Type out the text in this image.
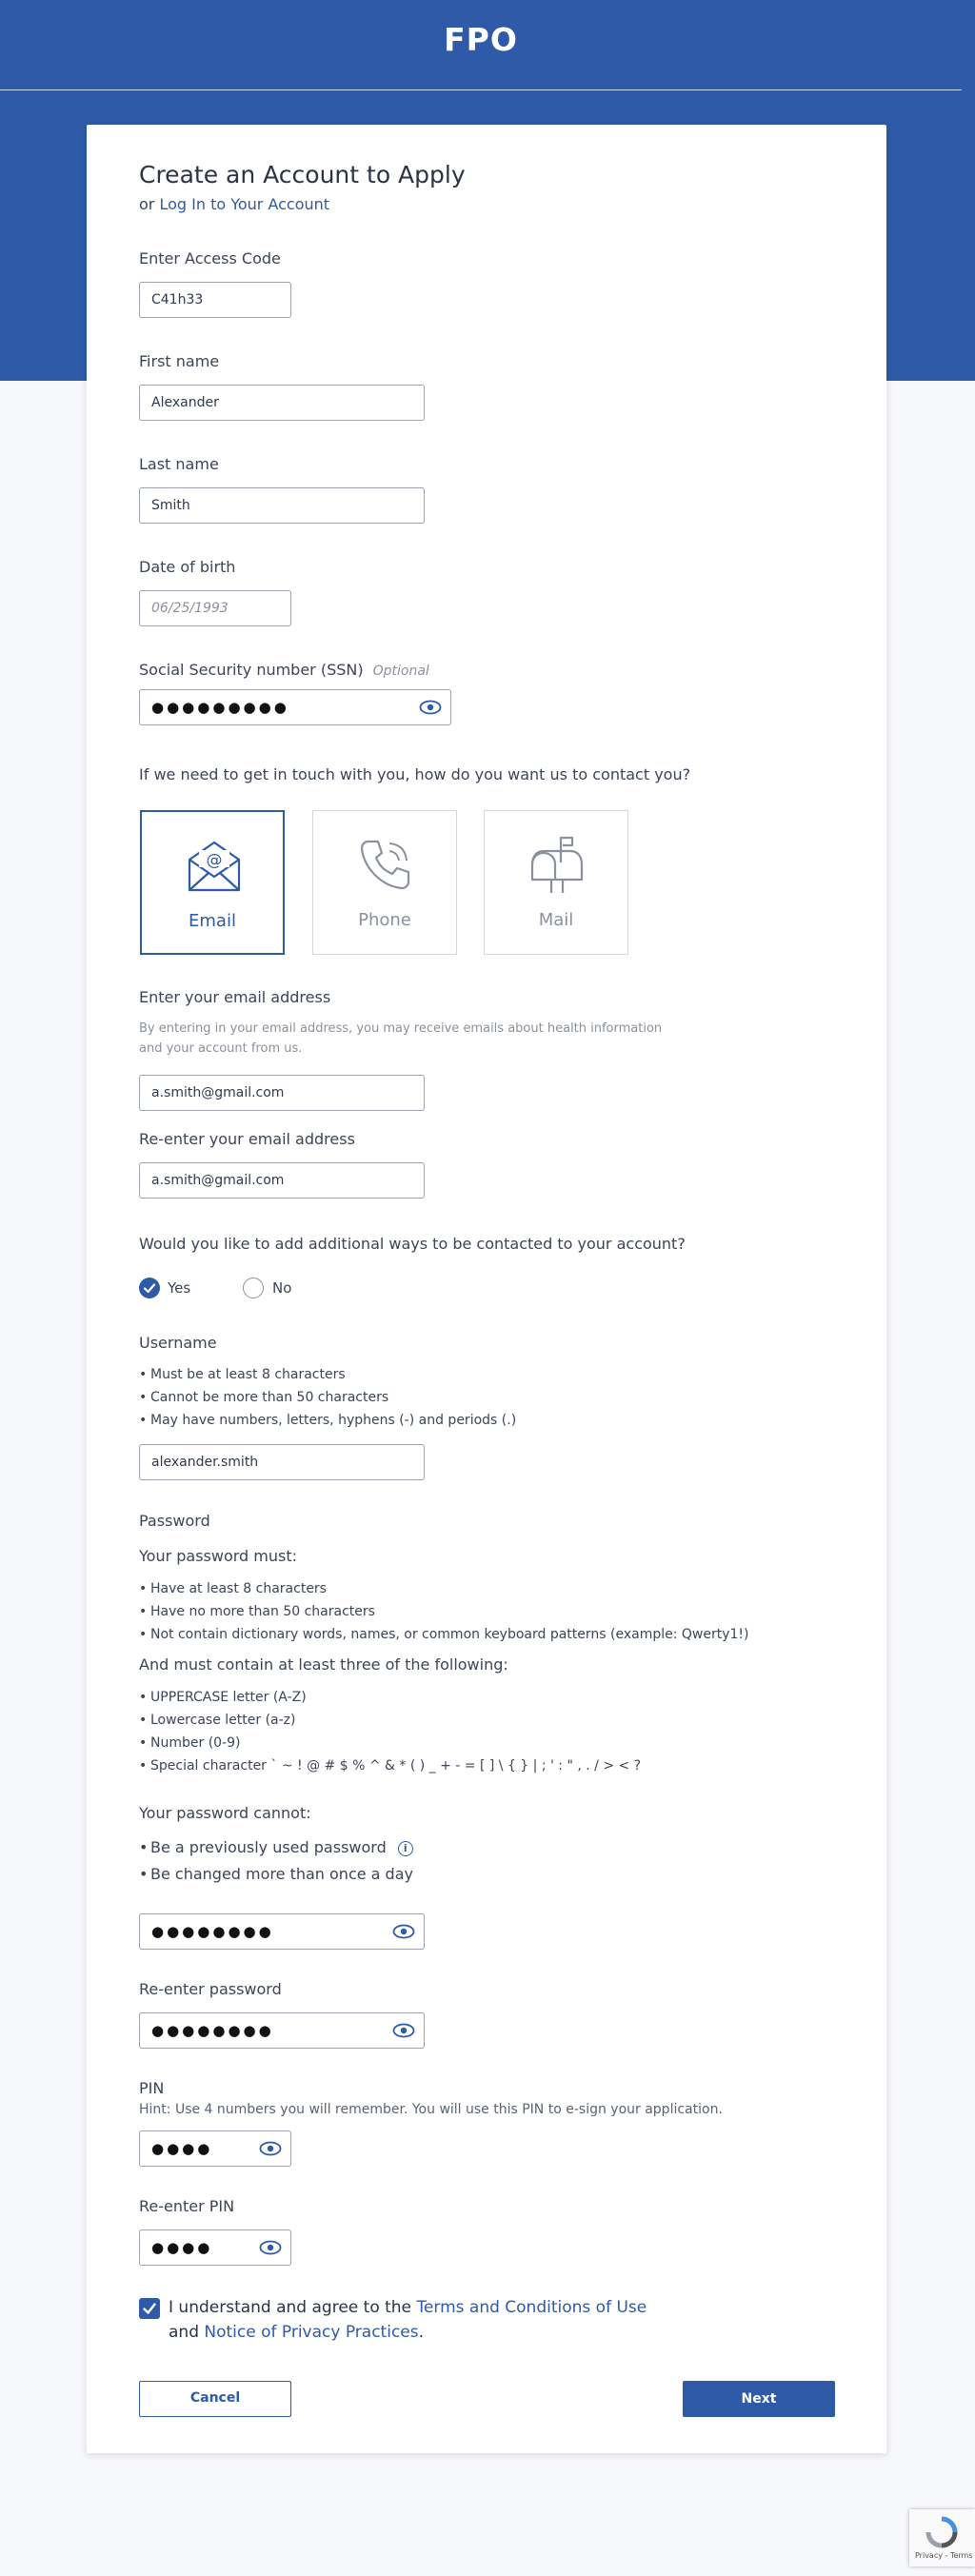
FPO
Create an Account to Apply
or Log In to Your Account
Enter Access Code
C41h33
First name
Alexander
Last name
Smith
Date of birth
06/25/1993
Social Security number (SSN) Optional
●●●●●●●●●
If we need to get in touch with you, how do you want us to contact you?
@
Email	Phone	Mail
Enter your email address
By entering in your email address, you may receive emails about health information and your account from us.
a.smith@gmail.com
Re-enter your email address
a.smith@gmail.com
Would you like to add additional ways to be contacted to your account?
Yes	No
Username
• Must be at least 8 characters
• Cannot be more than 50 characters
• May have numbers, letters, hyphens (-) and periods (.)
alexander.smith
Password
Your password must:
• Have at least 8 characters
• Have no more than 50 characters
• Not contain dictionary words, names, or common keyboard patterns (example: Qwerty1!)
And must contain at least three of the following:
• UPPERCASE letter (A-Z)
• Lowercase letter (a-z)
• Number (0-9)
• Special character ` ~ ! @ # $ % ^ & * ( ) _ + - = [ ] \ { } | ; ' : " , . / > < ?
Your password cannot:
• Be a previously used password i
• Be changed more than once a day
●●●●●●●●
Re-enter password
●●●●●●●●
PIN
Hint: Use 4 numbers you will remember. You will use this PIN to e-sign your application.
●●●●
Re-enter PIN
●●●●
I understand and agree to the Terms and Conditions of Use
and Notice of Privacy Practices.
Cancel	Next
Privacy - Terms
